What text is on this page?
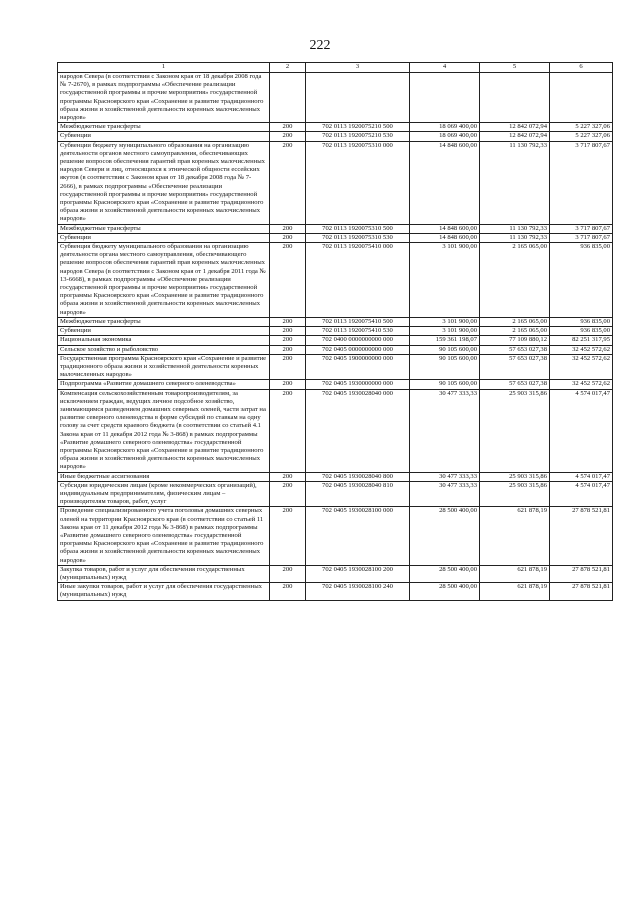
222
1	2	3	4	5	6
народов Севера (в соответствии с Законом края от 18 декабря 2008 года № 7-2670), в рамках подпрограммы «Обеспечение реализации государственной программы и прочие мероприятия» государственной программы Красноярского края «Сохранение и развитие традиционного образа жизни и хозяйственной деятельности коренных малочисленных народов»					
Межбюджетные трансферты	200	702 0113 1920075210 500	18 069 400,00	12 842 072,94	5 227 327,06
Субвенции	200	702 0113 1920075210 530	18 069 400,00	12 842 072,94	5 227 327,06
Субвенции бюджету муниципального образования на организацию деятельности органов местного самоуправления, обеспечивающих решение вопросов обеспечения гарантий прав коренных малочисленных народов Севери и лиц, относящихся к этнической общности ессейских якутов (в соответствии с Законом края от 18 декабря 2008 года № 7-2666), в рамках подпрограммы «Обеспечение реализации государственной программы и прочие мероприятия» государственной программы Красноярского края «Сохранение и развитие традиционного образа жизни и хозяйственной деятельности коренных малочисленных народов»	200	702 0113 1920075310 000	14 848 600,00	11 130 792,33	3 717 807,67
Межбюджетные трансферты	200	702 0113 1920075310 500	14 848 600,00	11 130 792,33	3 717 807,67
Субвенции	200	702 0113 1920075310 530	14 848 600,00	11 130 792,33	3 717 807,67
Субвенция бюджету муниципального образования на организацию деятельности органа местного самоуправления, обеспечивающего решение вопросов обеспечения гарантий прав коренных малочисленных народов Севера (в соответствии с Законом края от 1 декабря 2011 года № 13-6668), в рамках подпрограммы «Обеспечение реализации государственной программы и прочие мероприятия» государственной программы Красноярского края «Сохранение и развитие традиционного образа жизни и хозяйственной деятельности коренных малочисленных народов»	200	702 0113 1920075410 000	3 101 900,00	2 165 065,00	936 835,00
Межбюджетные трансферты	200	702 0113 1920075410 500	3 101 900,00	2 165 065,00	936 835,00
Субвенции	200	702 0113 1920075410 530	3 101 900,00	2 165 065,00	936 835,00
Национальная экономика	200	702 0400 0000000000 000	159 361 198,07	77 109 880,12	82 251 317,95
Сельское хозяйство и рыболовство	200	702 0405 0000000000 000	90 105 600,00	57 653 027,38	32 452 572,62
Государственная программа Красноярского края «Сохранение и развитие традиционного образа жизни и хозяйственной деятельности коренных малочисленных народов»	200	702 0405 1900000000 000	90 105 600,00	57 653 027,38	32 452 572,62
Подпрограмма «Развитие домашнего северного оленеводства»	200	702 0405 1930000000 000	90 105 600,00	57 653 027,38	32 452 572,62
Компенсация сельскохозяйственным товаропроизводителям, за исключением граждан, ведущих личное подсобное хозяйство, занимающимся разведением домашних северных оленей, части затрат на развитие северного оленеводства в форме субсидий по ставкам на одну голову за счет средств краевого бюджета (в соответствии со статьей 4.1 Закона края от 11 декабря 2012 года № 3-868) в рамках подпрограммы «Развитие домашнего северного оленеводства» государственной программы Красноярского края «Сохранение и развитие традиционного образа жизни и хозяйственной деятельности коренных малочисленных народов»	200	702 0405 1930028040 000	30 477 333,33	25 903 315,86	4 574 017,47
Иные бюджетные ассигнования	200	702 0405 1930028040 800	30 477 333,33	25 903 315,86	4 574 017,47
Субсидии юридическим лицам (кроме некоммерческих организаций), индивидуальным предпринимателям, физическим лицам – производителям товаров, работ, услуг	200	702 0405 1930028040 810	30 477 333,33	25 903 315,86	4 574 017,47
Проведение специализированного учета поголовья домашних северных оленей на территории Красноярского края (в соответствии со статьей 11 Закона края от 11 декабря 2012 года № 3-868) в рамках подпрограммы «Развитие домашнего северного оленеводства» государственной программы Красноярского края «Сохранение и развитие традиционного образа жизни и хозяйственной деятельности коренных малочисленных народов»	200	702 0405 1930028100 000	28 500 400,00	621 878,19	27 878 521,81
Закупка товаров, работ и услуг для обеспечения государственных (муниципальных) нужд	200	702 0405 1930028100 200	28 500 400,00	621 878,19	27 878 521,81
Иные закупки товаров, работ и услуг для обеспечения государственных (муниципальных) нужд	200	702 0405 1930028100 240	28 500 400,00	621 878,19	27 878 521,81
